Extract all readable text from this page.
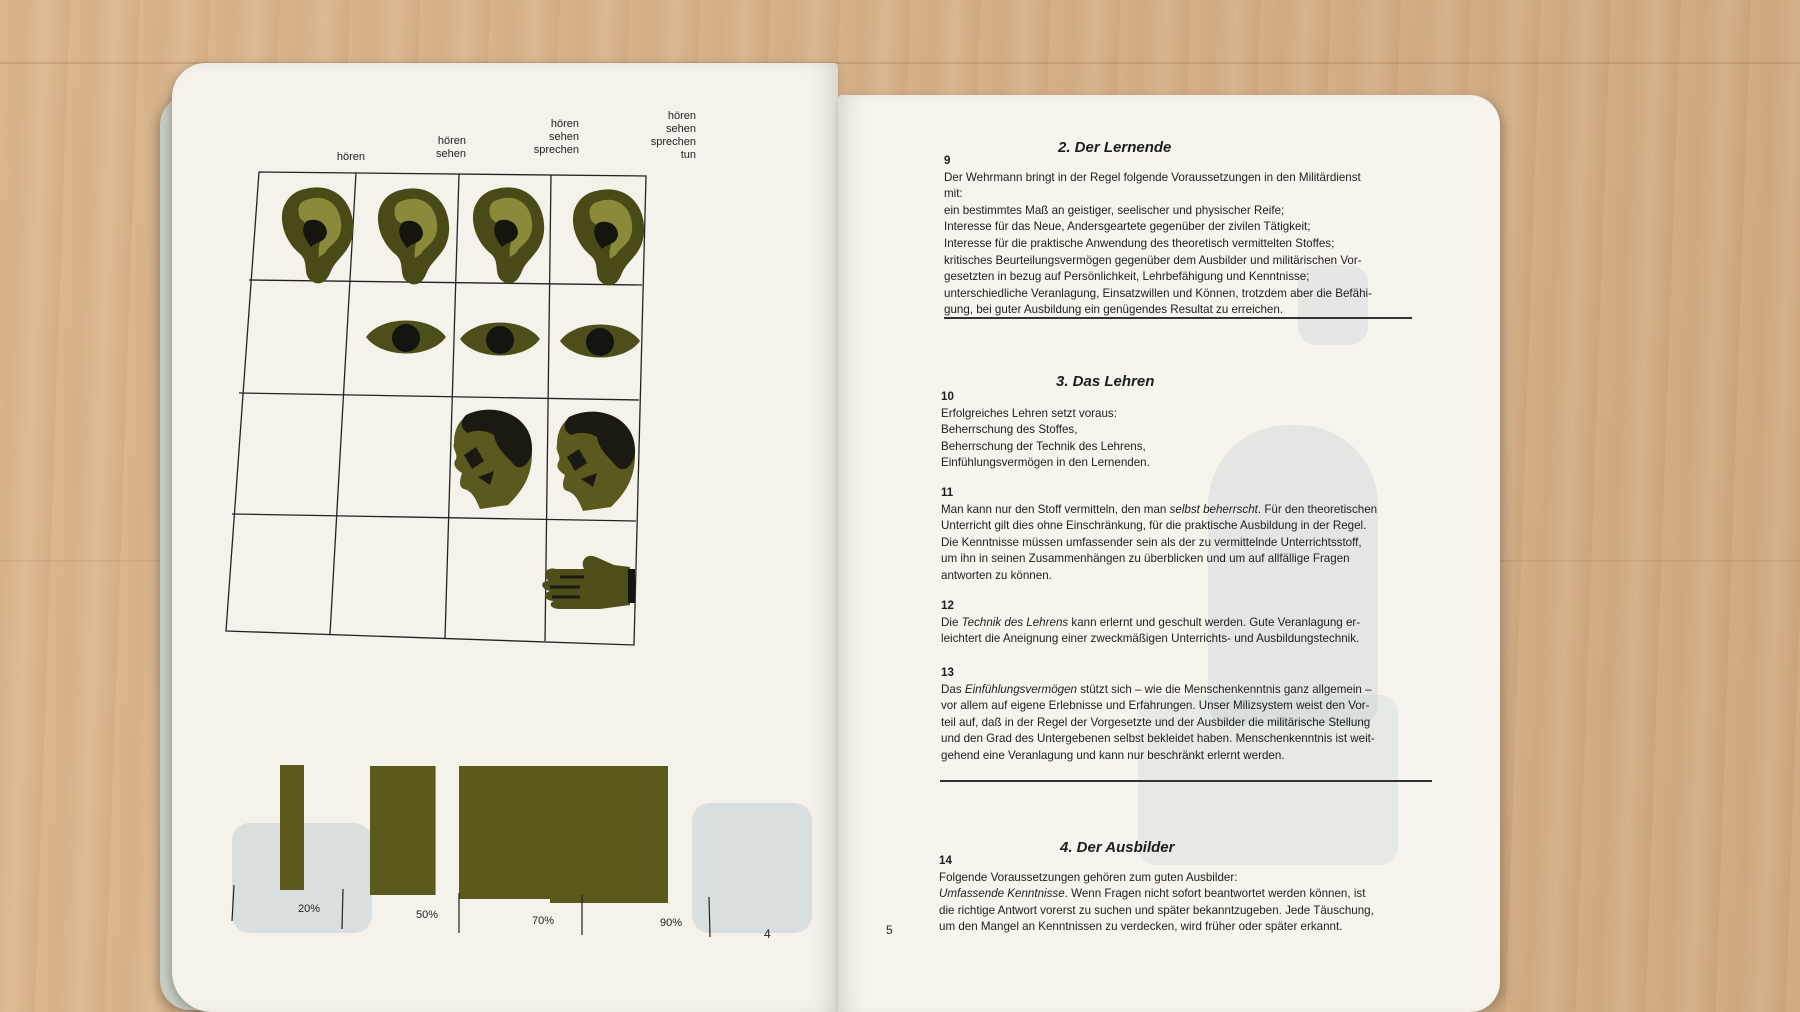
hören
hören
sehen
hören
sehen
sprechen
hören
sehen
sprechen
tun
20%	50%	70%	90%
4
2. Der Lernende
9
Der Wehrmann bringt in der Regel folgende Voraussetzungen in den Militärdienst
mit:
ein bestimmtes Maß an geistiger, seelischer und physischer Reife;
Interesse für das Neue, Andersgeartete gegenüber der zivilen Tätigkeit;
Interesse für die praktische Anwendung des theoretisch vermittelten Stoffes;
kritisches Beurteilungsvermögen gegenüber dem Ausbilder und militärischen Vor-
gesetzten in bezug auf Persönlichkeit, Lehrbefähigung und Kenntnisse;
unterschiedliche Veranlagung, Einsatzwillen und Können, trotzdem aber die Befähi-
gung, bei guter Ausbildung ein genügendes Resultat zu erreichen.
3. Das Lehren
10
Erfolgreiches Lehren setzt voraus:
Beherrschung des Stoffes,
Beherrschung der Technik des Lehrens,
Einfühlungsvermögen in den Lernenden.
11
Man kann nur den Stoff vermitteln, den man selbst beherrscht. Für den theoretischen
Unterricht gilt dies ohne Einschränkung, für die praktische Ausbildung in der Regel.
Die Kenntnisse müssen umfassender sein als der zu vermittelnde Unterrichtsstoff,
um ihn in seinen Zusammenhängen zu überblicken und um auf allfällige Fragen
antworten zu können.
12
Die Technik des Lehrens kann erlernt und geschult werden. Gute Veranlagung er-
leichtert die Aneignung einer zweckmäßigen Unterrichts- und Ausbildungstechnik.
13
Das Einfühlungsvermögen stützt sich – wie die Menschenkenntnis ganz allgemein –
vor allem auf eigene Erlebnisse und Erfahrungen. Unser Milizsystem weist den Vor-
teil auf, daß in der Regel der Vorgesetzte und der Ausbilder die militärische Stellung
und den Grad des Untergebenen selbst bekleidet haben. Menschenkenntnis ist weit-
gehend eine Veranlagung und kann nur beschränkt erlernt werden.
4. Der Ausbilder
14
Folgende Voraussetzungen gehören zum guten Ausbilder:
Umfassende Kenntnisse. Wenn Fragen nicht sofort beantwortet werden können, ist
die richtige Antwort vorerst zu suchen und später bekanntzugeben. Jede Täuschung,
um den Mangel an Kenntnissen zu verdecken, wird früher oder später erkannt.
5
